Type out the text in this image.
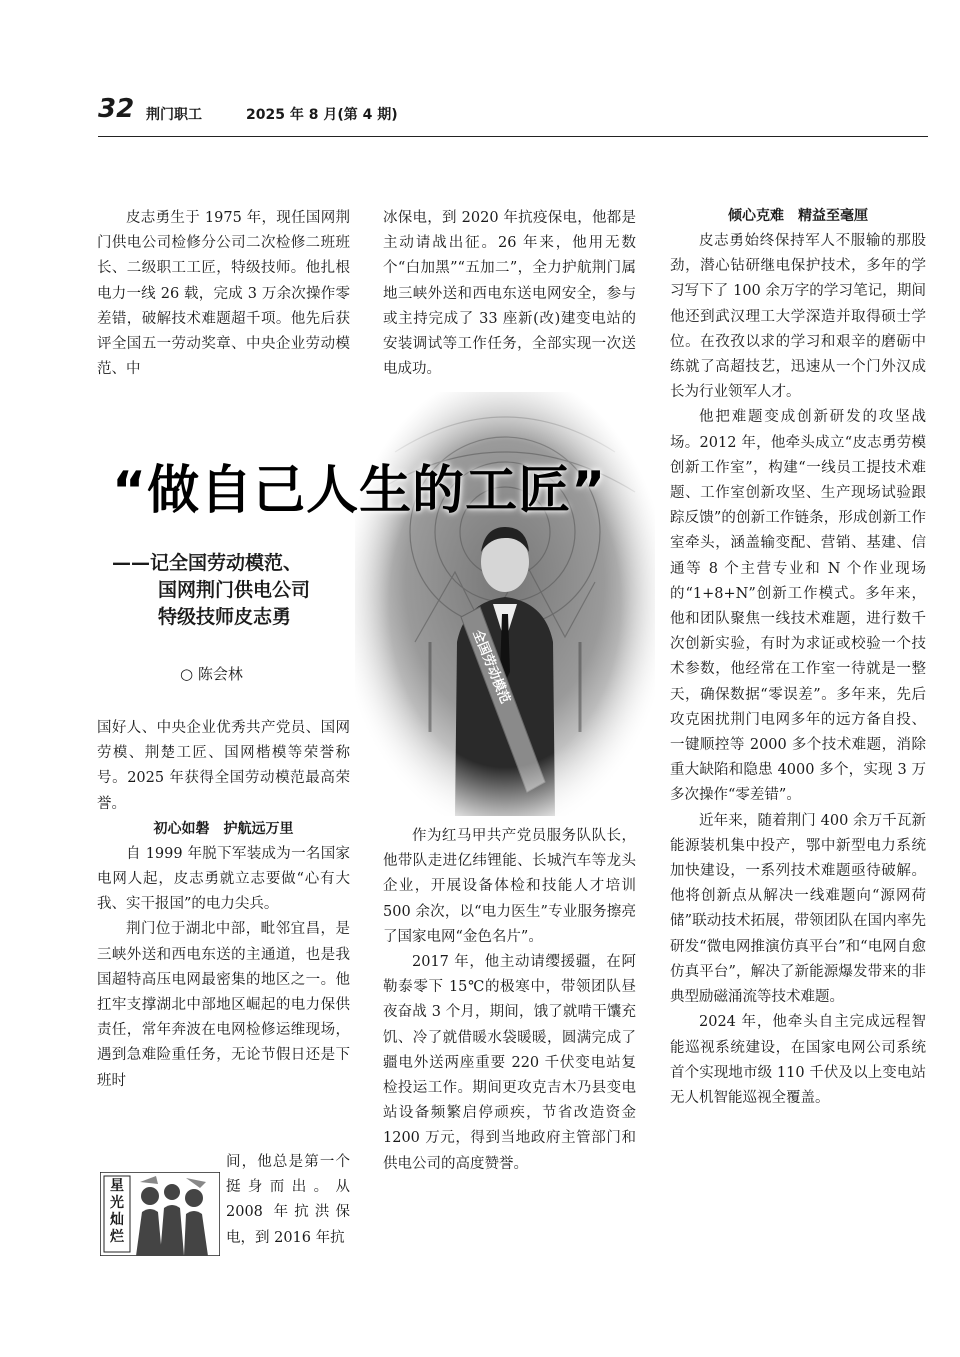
32 荆门职工	2025 年 8 月(第 4 期)

皮志勇生于 1975 年，现任国网荆门供电公司检修分公司二次检修二班班长、二级职工工匠，特级技师。他扎根电力一线 26 载，完成 3 万余次操作零差错，破解技术难题超千项。他先后获评全国五一劳动奖章、中央企业劳动模范、中

冰保电，到 2020 年抗疫保电，他都是主动请战出征。26 年来，他用无数个“白加黑”“五加二”，全力护航荆门属地三峡外送和西电东送电网安全，参与或主持完成了 33 座新(改)建变电站的安装调试等工作任务，全部实现一次送电成功。

“做自己人生的工匠”
——记全国劳动模范、
国网荆门供电公司
特级技师皮志勇
○ 陈会林

国好人、中央企业优秀共产党员、国网劳模、荆楚工匠、国网楷模等荣誉称号。2025 年获得全国劳动模范最高荣誉。

初心如磐　护航远万里

自 1999 年脱下军装成为一名国家电网人起，皮志勇就立志要做“心有大我、实干报国”的电力尖兵。

荆门位于湖北中部，毗邻宜昌，是三峡外送和西电东送的主通道，也是我国超特高压电网最密集的地区之一。他扛牢支撑湖北中部地区崛起的电力保供责任，常年奔波在电网检修运维现场，遇到急难险重任务，无论节假日还是下班时

间，他总是第一个挺身而出。从 2008 年抗洪保电，到 2016 年抗
星光灿烂

作为红马甲共产党员服务队队长，他带队走进亿纬锂能、长城汽车等龙头企业，开展设备体检和技能人才培训 500 余次，以“电力医生”专业服务擦亮了国家电网“金色名片”。

2017 年，他主动请缨援疆，在阿勒泰零下 15℃的极寒中，带领团队昼夜奋战 3 个月，期间，饿了就啃干馕充饥、冷了就借暖水袋暖暖，圆满完成了疆电外送两座重要 220 千伏变电站复检投运工作。期间更攻克吉木乃县变电站设备频繁启停顽疾，节省改造资金 1200 万元，得到当地政府主管部门和供电公司的高度赞誉。

倾心克难　精益至毫厘

皮志勇始终保持军人不服输的那股劲，潜心钻研继电保护技术，多年的学习写下了 100 余万字的学习笔记，期间他还到武汉理工大学深造并取得硕士学位。在孜孜以求的学习和艰辛的磨砺中练就了高超技艺，迅速从一个门外汉成长为行业领军人才。

他把难题变成创新研发的攻坚战场。2012 年，他牵头成立“皮志勇劳模创新工作室”，构建“一线员工提技术难题、工作室创新攻坚、生产现场试验跟踪反馈”的创新工作链条，形成创新工作室牵头，涵盖输变配、营销、基建、信通等 8 个主营专业和 N 个作业现场的“1+8+N”创新工作模式。多年来，他和团队聚焦一线技术难题，进行数千次创新实验，有时为求证或校验一个技术参数，他经常在工作室一待就是一整天，确保数据“零误差”。多年来，先后攻克困扰荆门电网多年的远方备自投、一键顺控等 2000 多个技术难题，消除重大缺陷和隐患 4000 多个，实现 3 万多次操作“零差错”。

近年来，随着荆门 400 余万千瓦新能源装机集中投产，鄂中新型电力系统加快建设，一系列技术难题亟待破解。他将创新点从解决一线难题向“源网荷储”联动技术拓展，带领团队在国内率先研发“微电网推演仿真平台”和“电网自愈仿真平台”，解决了新能源爆发带来的非典型励磁涌流等技术难题。

2024 年，他牵头自主完成远程智能巡视系统建设，在国家电网公司系统首个实现地市级 110 千伏及以上变电站无人机智能巡视全覆盖。
